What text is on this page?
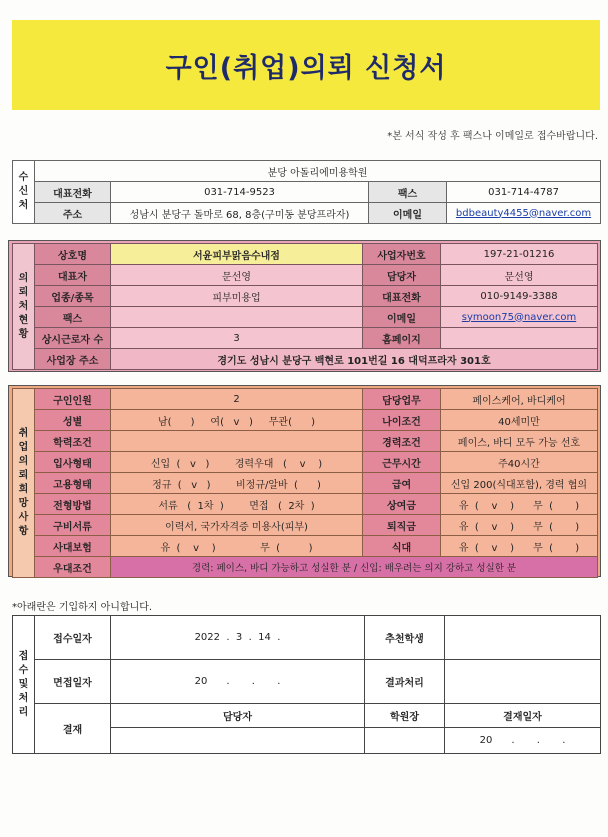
구인(취업)의뢰 신청서
*본 서식 작성 후 팩스나 이메일로 접수바랍니다.
수신처	분당 아돌리에미용학원			
	대표전화	031-714-9523	팩스	031-714-4787
	주소	성남시 분당구 돌마로 68, 8층(구미동 분당프라자)	이메일	bdbeauty4455@naver.com
의뢰처현황	상호명	서윤피부맑음수내점	사업자번호	197-21-01216
	대표자	문선영	담당자	문선영
	업종/종목	피부미용업	대표전화	010-9149-3388
	팩스		이메일	symoon75@naver.com
	상시근로자 수	3	홈페이지	
	사업장 주소	경기도 성남시 분당구 백현로 101번길 16 대덕프라자 301호		
취업의뢰희망사항	구인인원	2	담당업무	페이스케어, 바디케어
	성별	남(      )     여(   v   )     무관(      )	나이조건	40세미만
	학력조건		경력조건	페이스, 바디 모두 가능 선호
	입사형태	신입  (   v   )        경력우대   (    v    )	근무시간	주40시간
	고용형태	정규  (   v   )        비정규/알바  (      )	급여	신입 200(식대포함), 경력 협의
	전형방법	서류   (  1차  )        면접   (  2차  )	상여금	유  (    v    )      무  (       )
	구비서류	이력서, 국가자격증 미용사(피부)	퇴직금	유  (    v    )      무  (       )
	사대보험	유  (    v    )              무  (         )	식대	유  (    v    )      무  (       )
	우대조건	경력: 페이스, 바디 가능하고 성실한 분 / 신입: 배우려는 의지 강하고 성실한 분		
*아래란은 기입하지 아니합니다.
접수및처리	접수일자	2022  .  3  .  14  .	추천학생	
	면접일자	20      .       .       .	결과처리	
	결재	담당자	학원장	결재일자
				20      .       .       .
